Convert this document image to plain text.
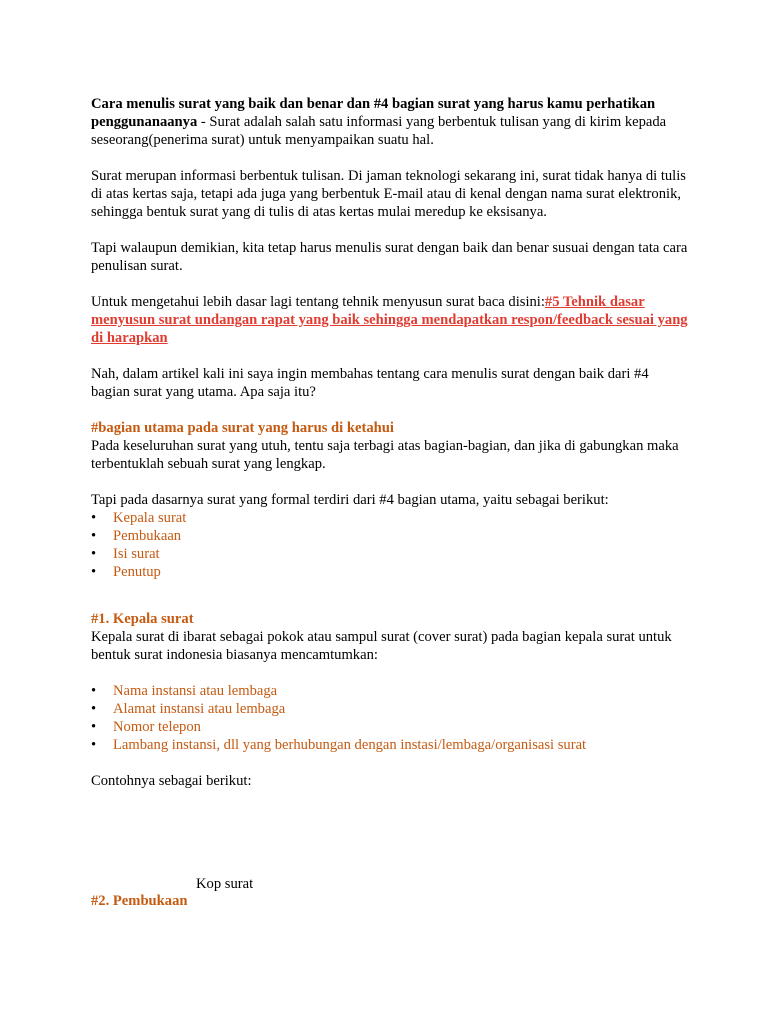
Cara menulis surat yang baik dan benar dan #4 bagian surat yang harus kamu perhatikan penggunanaanya - Surat adalah salah satu informasi yang berbentuk tulisan yang di kirim kepada seseorang(penerima surat) untuk menyampaikan suatu hal.

Surat merupan informasi berbentuk tulisan. Di jaman teknologi sekarang ini, surat tidak hanya di tulis di atas kertas saja, tetapi ada juga yang berbentuk E-mail atau di kenal dengan nama surat elektronik, sehingga bentuk surat yang di tulis di atas kertas mulai meredup ke eksisanya.

Tapi walaupun demikian, kita tetap harus menulis surat dengan baik dan benar susuai dengan tata cara penulisan surat.

Untuk mengetahui lebih dasar lagi tentang tehnik menyusun surat baca disini:#5 Tehnik dasar menyusun surat undangan rapat yang baik sehingga mendapatkan respon/feedback sesuai yang di harapkan

Nah, dalam artikel kali ini saya ingin membahas tentang cara menulis surat dengan baik dari #4 bagian surat yang utama. Apa saja itu?

#bagian utama pada surat yang harus di ketahui

Pada keseluruhan surat yang utuh, tentu saja terbagi atas bagian-bagian, dan jika di gabungkan maka terbentuklah sebuah surat yang lengkap.

Tapi pada dasarnya surat yang formal terdiri dari #4 bagian utama, yaitu sebagai berikut:

• Kepala surat
• Pembukaan
• Isi surat
• Penutup

#1. Kepala surat

Kepala surat di ibarat sebagai pokok atau sampul surat (cover surat) pada bagian kepala surat untuk bentuk surat indonesia biasanya mencamtumkan:

• Nama instansi atau lembaga
• Alamat instansi atau lembaga
• Nomor telepon
• Lambang instansi, dll yang berhubungan dengan instasi/lembaga/organisasi surat

Contohnya sebagai berikut:

Kop surat

#2. Pembukaan
